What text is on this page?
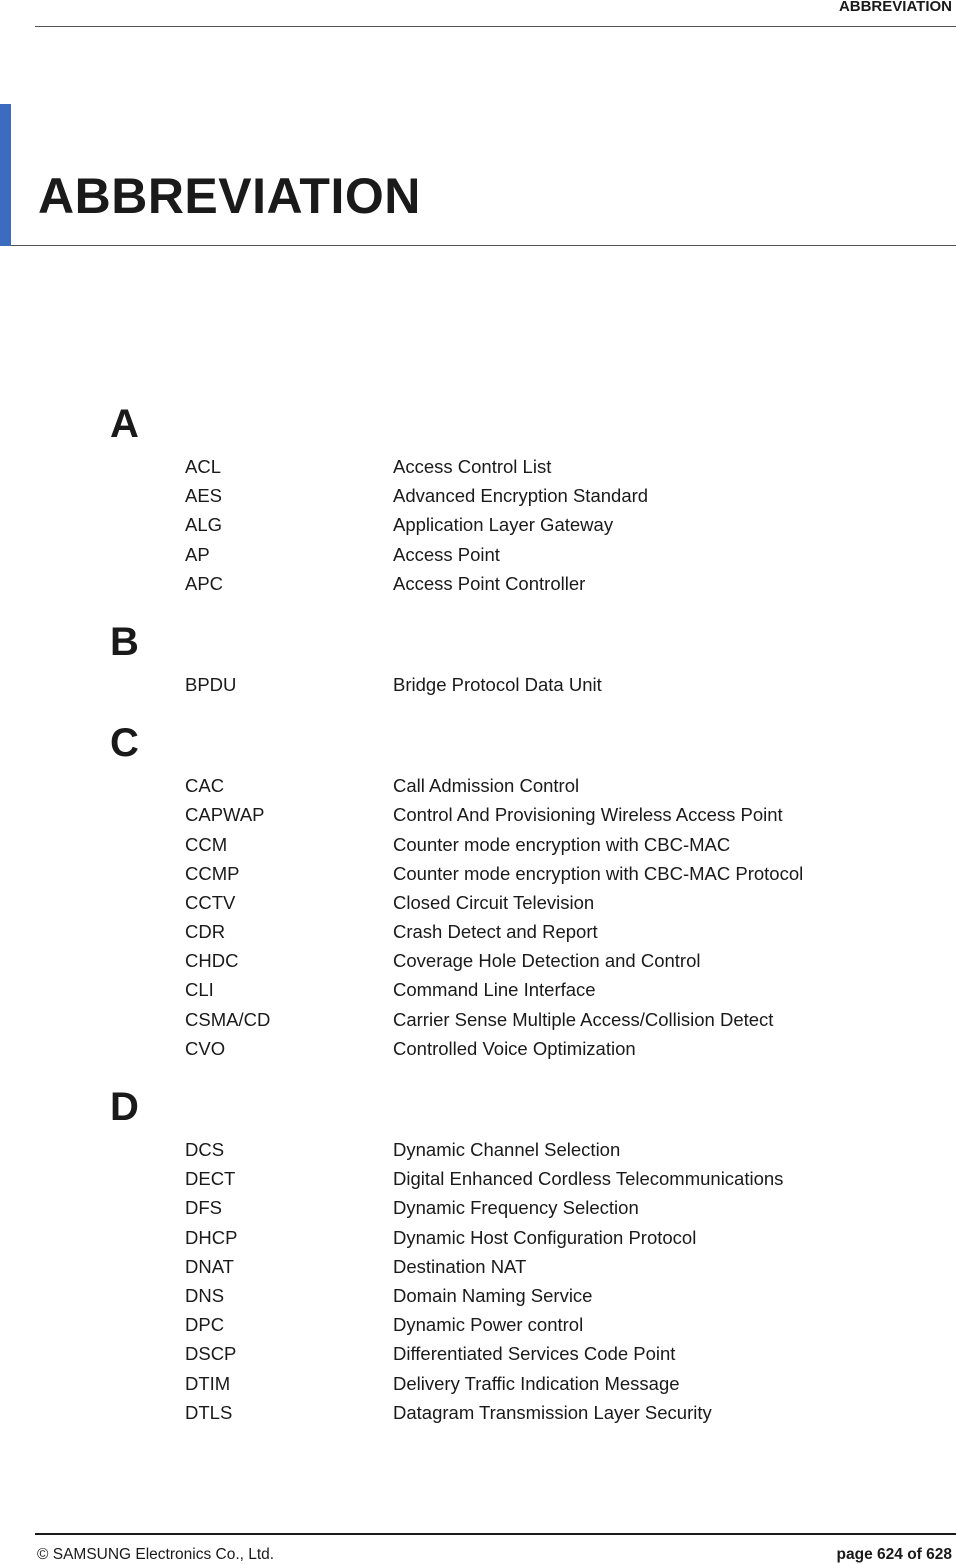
ABBREVIATION
ABBREVIATION
A
ACL	Access Control List
AES	Advanced Encryption Standard
ALG	Application Layer Gateway
AP	Access Point
APC	Access Point Controller
B
BPDU	Bridge Protocol Data Unit
C
CAC	Call Admission Control
CAPWAP	Control And Provisioning Wireless Access Point
CCM	Counter mode encryption with CBC-MAC
CCMP	Counter mode encryption with CBC-MAC Protocol
CCTV	Closed Circuit Television
CDR	Crash Detect and Report
CHDC	Coverage Hole Detection and Control
CLI	Command Line Interface
CSMA/CD	Carrier Sense Multiple Access/Collision Detect
CVO	Controlled Voice Optimization
D
DCS	Dynamic Channel Selection
DECT	Digital Enhanced Cordless Telecommunications
DFS	Dynamic Frequency Selection
DHCP	Dynamic Host Configuration Protocol
DNAT	Destination NAT
DNS	Domain Naming Service
DPC	Dynamic Power control
DSCP	Differentiated Services Code Point
DTIM	Delivery Traffic Indication Message
DTLS	Datagram Transmission Layer Security
© SAMSUNG Electronics Co., Ltd.	page 624 of 628
